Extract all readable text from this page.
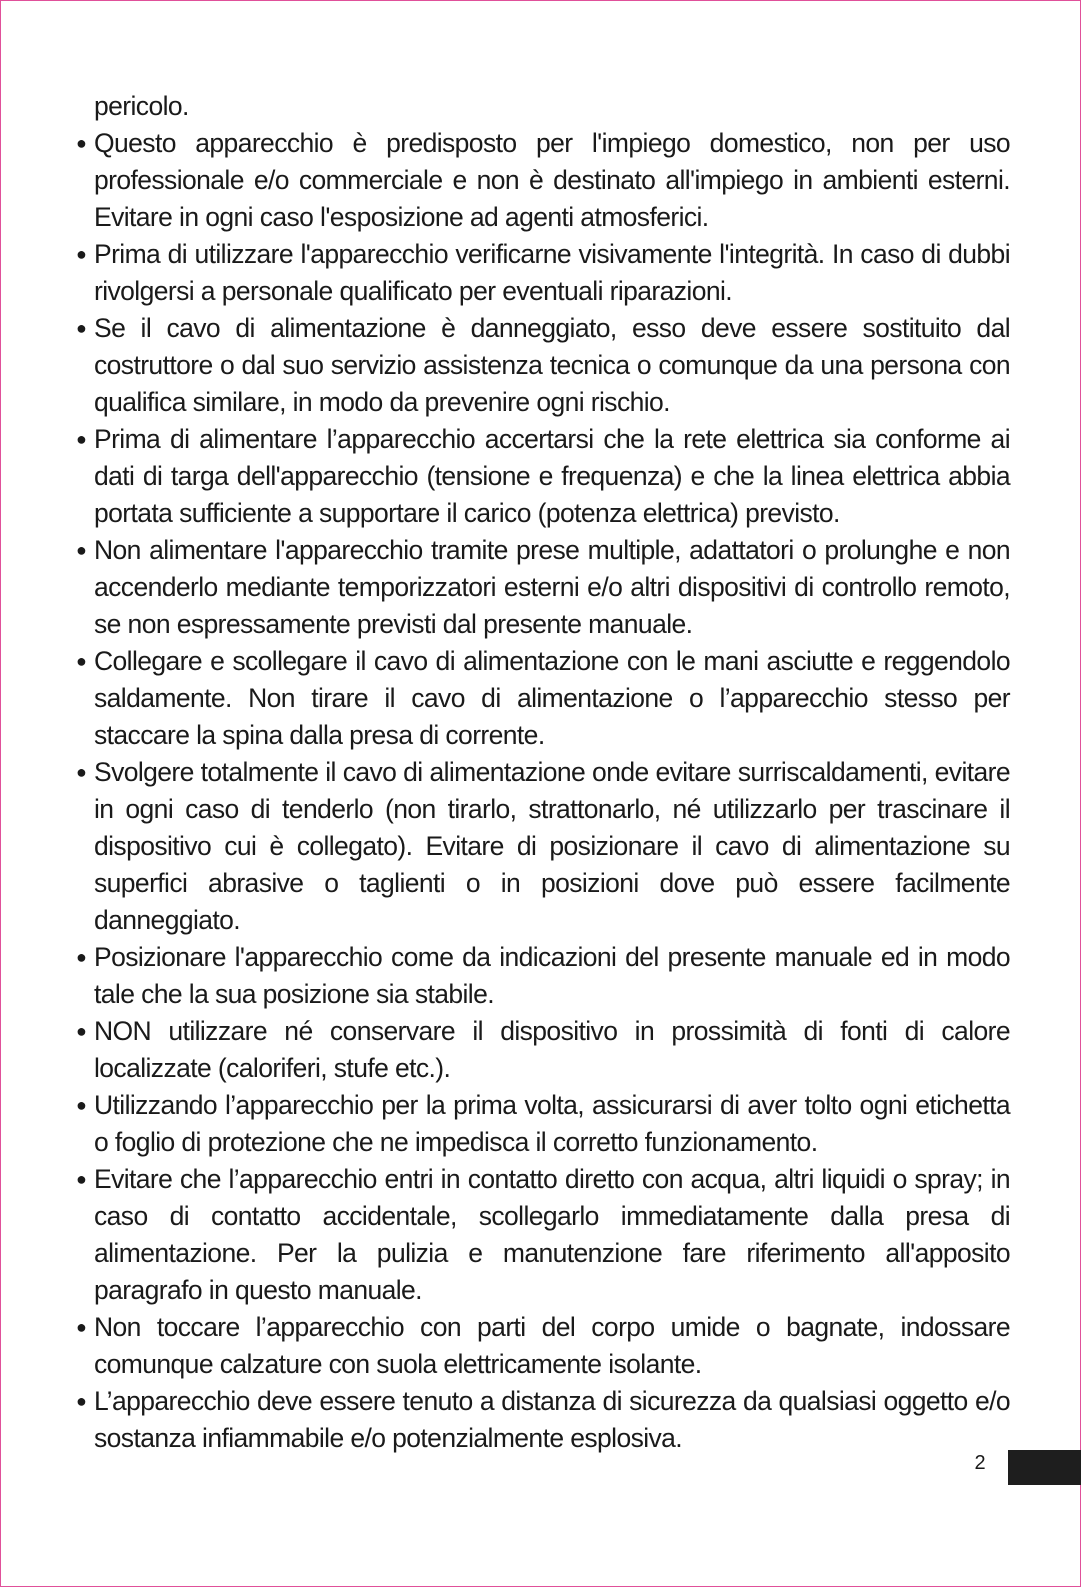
pericolo.

● Questo apparecchio è predisposto per l'impiego domestico, non per uso professionale e/o commerciale e non è destinato all'impiego in ambienti esterni. Evitare in ogni caso l'esposizione ad agenti atmosferici.
● Prima di utilizzare l'apparecchio verificarne visivamente l'integrità. In caso di dubbi rivolgersi a personale qualificato per eventuali riparazioni.
● Se il cavo di alimentazione è danneggiato, esso deve essere sostituito dal costruttore o dal suo servizio assistenza tecnica o comunque da una persona con qualifica similare, in modo da prevenire ogni rischio.
● Prima di alimentare l’apparecchio accertarsi che la rete elettrica sia conforme ai dati di targa dell'apparecchio (tensione e frequenza) e che la linea elettrica abbia portata sufficiente a supportare il carico (potenza elettrica) previsto.
● Non alimentare l'apparecchio tramite prese multiple, adattatori o prolunghe e non accenderlo mediante temporizzatori esterni e/o altri dispositivi di controllo remoto, se non espressamente previsti dal presente manuale.
● Collegare e scollegare il cavo di alimentazione con le mani asciutte e reggendolo saldamente. Non tirare il cavo di alimentazione o l’apparecchio stesso per staccare la spina dalla presa di corrente.
● Svolgere totalmente il cavo di alimentazione onde evitare surriscaldamenti, evitare in ogni caso di tenderlo (non tirarlo, strattonarlo, né utilizzarlo per trascinare il dispositivo cui è collegato). Evitare di posizionare il cavo di alimentazione su superfici abrasive o taglienti o in posizioni dove può essere facilmente danneggiato.
● Posizionare l'apparecchio come da indicazioni del presente manuale ed in modo tale che la sua posizione sia stabile.
● NON utilizzare né conservare il dispositivo in prossimità di fonti di calore localizzate (caloriferi, stufe etc.).
● Utilizzando l’apparecchio per la prima volta, assicurarsi di aver tolto ogni etichetta o foglio di protezione che ne impedisca il corretto funzionamento.
● Evitare che l’apparecchio entri in contatto diretto con acqua, altri liquidi o spray; in caso di contatto accidentale, scollegarlo immediatamente dalla presa di alimentazione. Per la pulizia e manutenzione fare riferimento all'apposito paragrafo in questo manuale.
● Non toccare l’apparecchio con parti del corpo umide o bagnate, indossare comunque calzature con suola elettricamente isolante.
● L’apparecchio deve essere tenuto a distanza di sicurezza da qualsiasi oggetto e/o sostanza infiammabile e/o potenzialmente esplosiva.
2
